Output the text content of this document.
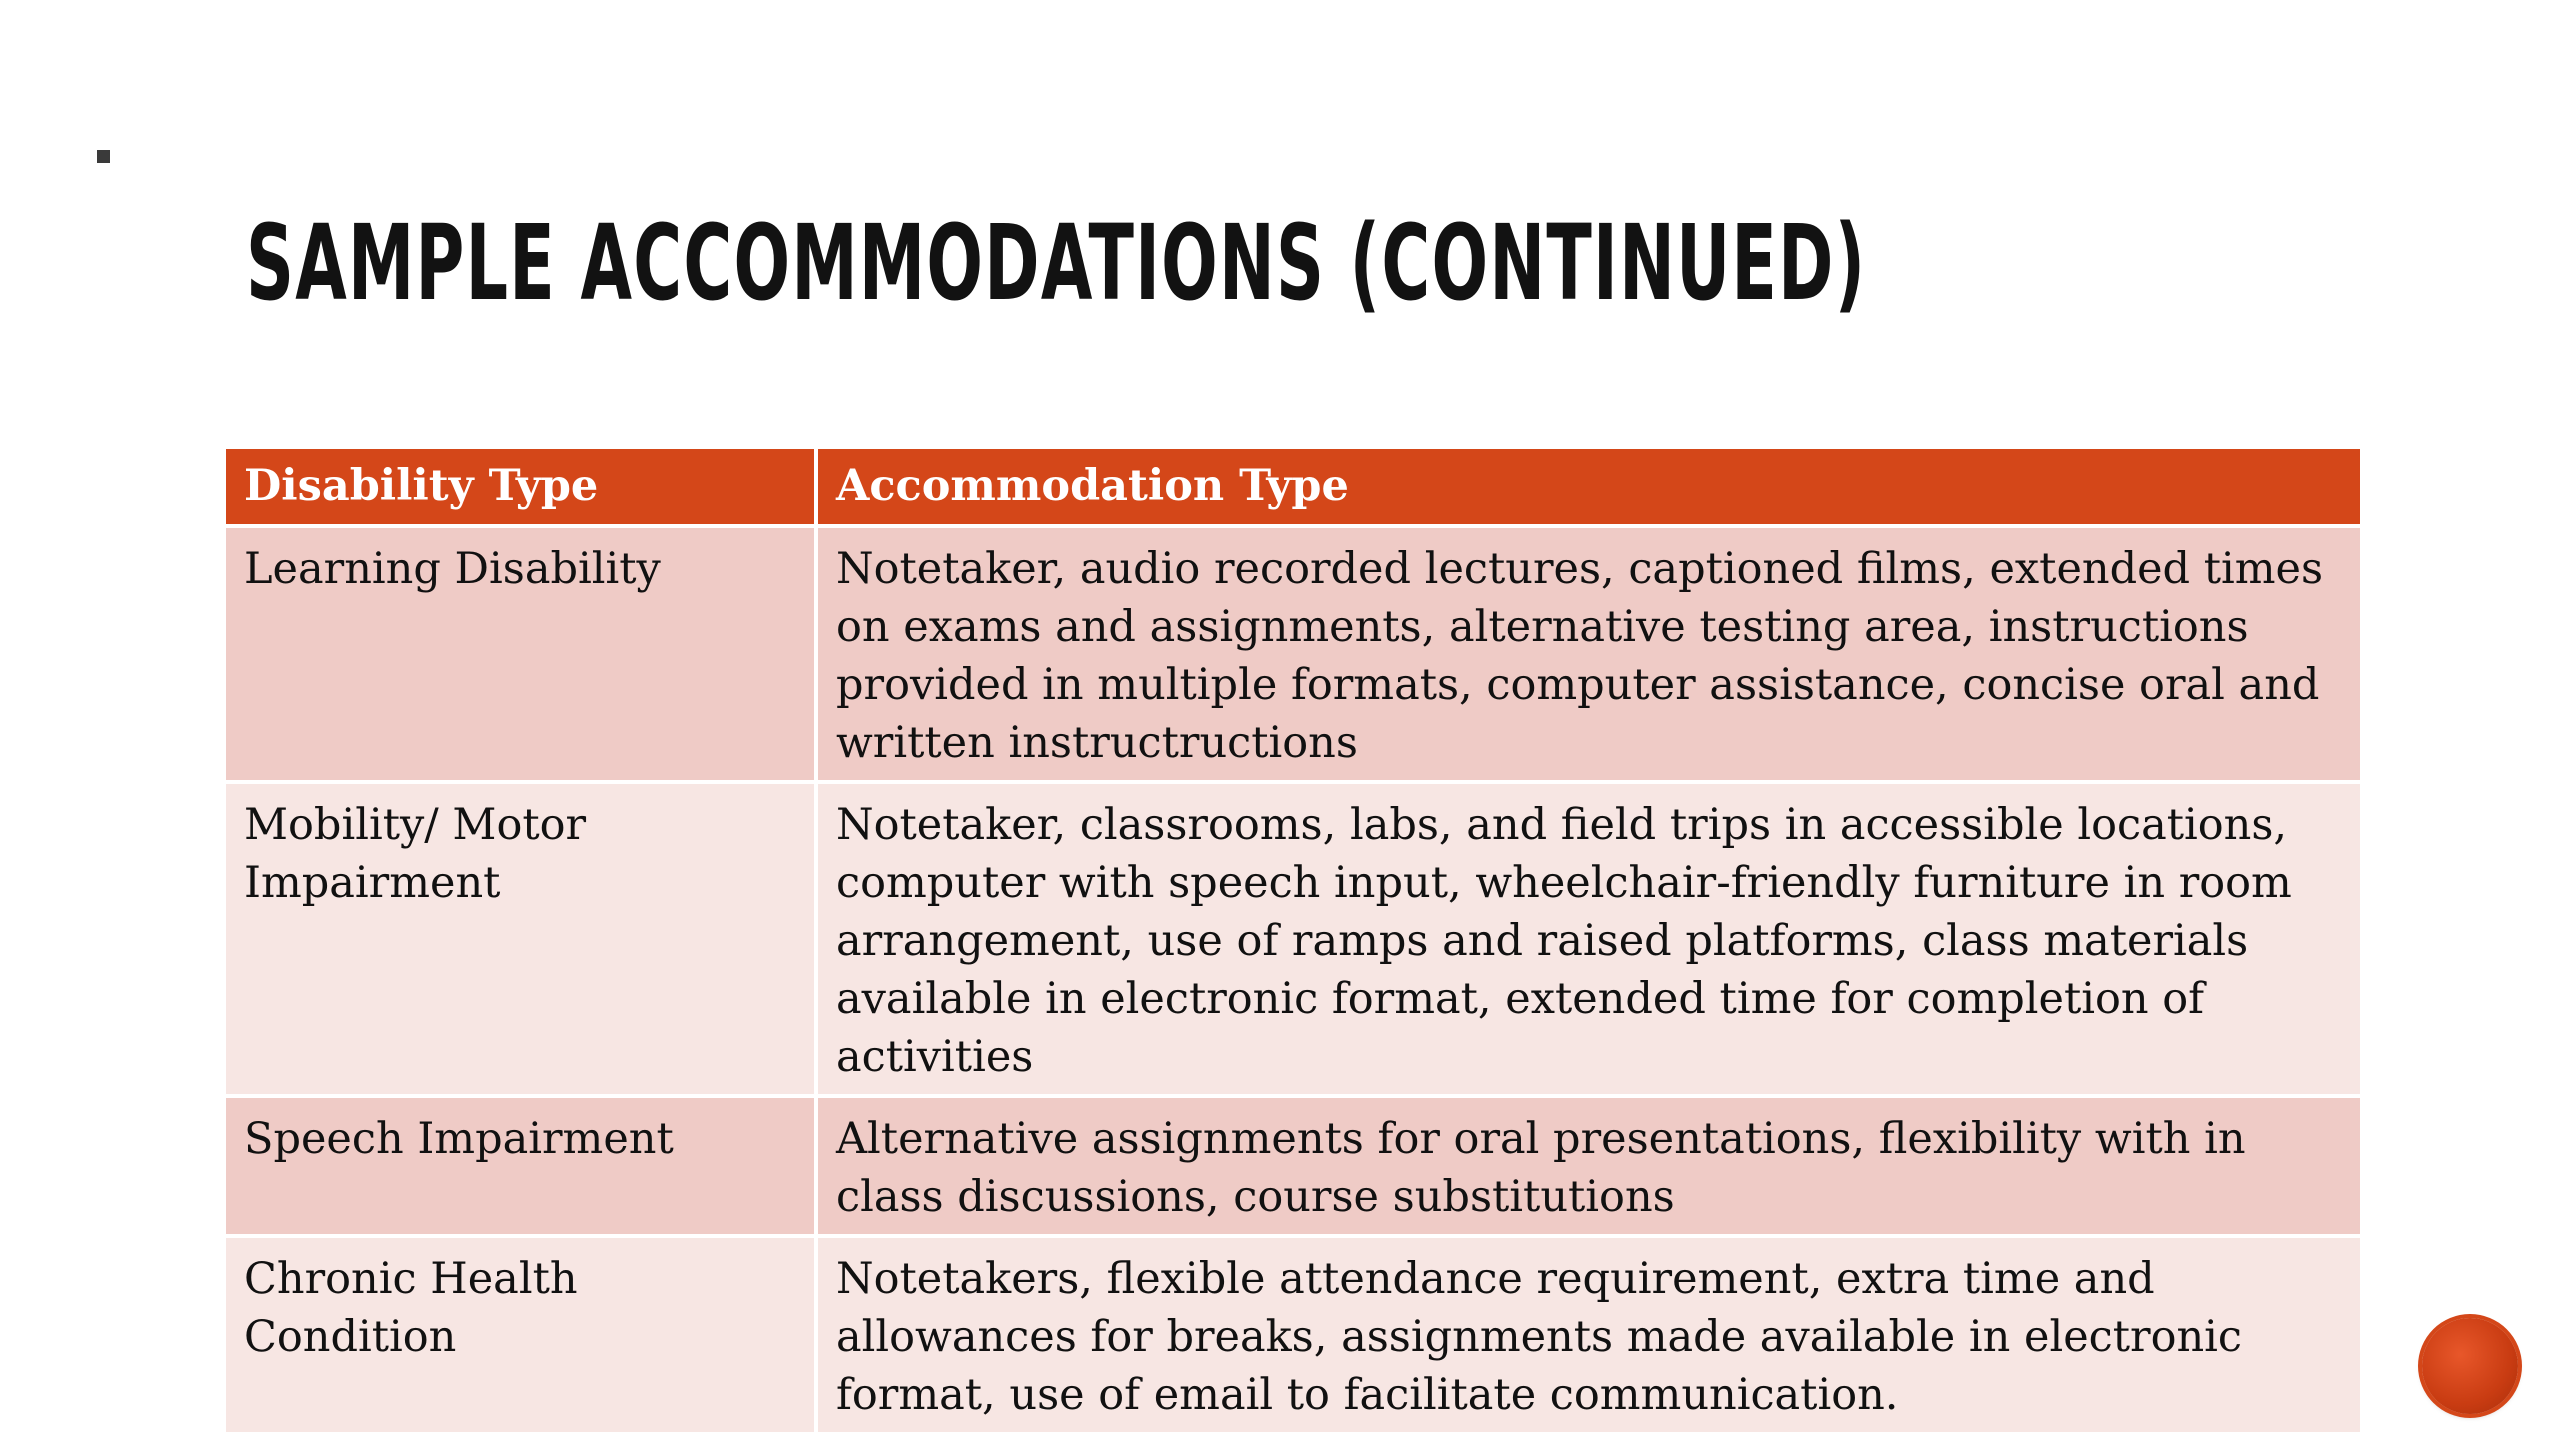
SAMPLE ACCOMMODATIONS (CONTINUED)
Disability Type	Accommodation Type
Learning Disability	Notetaker, audio recorded lectures, captioned films, extended times on exams and assignments, alternative testing area, instructions provided in multiple formats, computer assistance, concise oral and written instructructions
Mobility/ Motor Impairment	Notetaker, classrooms, labs, and field trips in accessible locations, computer with speech input, wheelchair-friendly furniture in room arrangement, use of ramps and raised platforms, class materials available in electronic format, extended time for completion of activities
Speech Impairment	Alternative assignments for oral presentations, flexibility with in class discussions, course substitutions
Chronic Health Condition	Notetakers, flexible attendance requirement, extra time and allowances for breaks, assignments made available in electronic format, use of email to facilitate communication.
